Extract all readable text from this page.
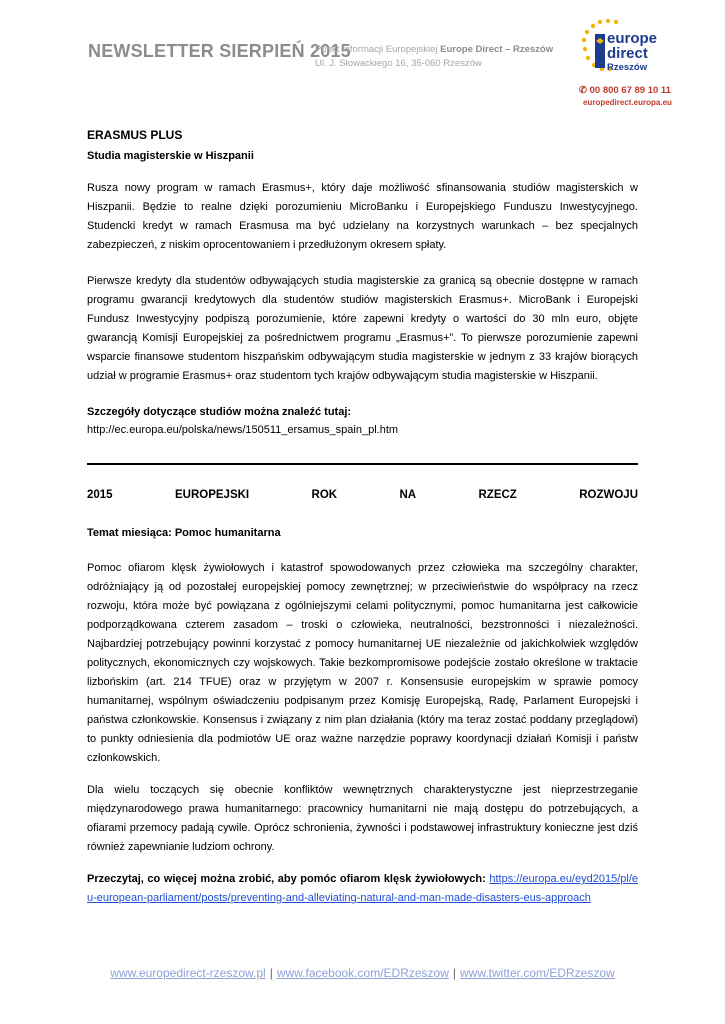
NEWSLETTER SIERPIEŃ 2015
Punkt Informacji Europejskiej Europe Direct – Rzeszów
Ul. J. Słowackiego 16, 35-060 Rzeszów
europe
direct
Rzeszów
✆ 00 800 67 89 10 11
europedirect.europa.eu

ERASMUS PLUS

Studia magisterskie w Hiszpanii

Rusza nowy program w ramach Erasmus+, który daje możliwość sfinansowania studiów magisterskich w Hiszpanii. Będzie to realne dzięki porozumieniu MicroBanku i Europejskiego Funduszu Inwestycyjnego. Studencki kredyt w ramach Erasmusa ma być udzielany na korzystnych warunkach – bez specjalnych zabezpieczeń, z niskim oprocentowaniem i przedłużonym okresem spłaty.

Pierwsze kredyty dla studentów odbywających studia magisterskie za granicą są obecnie dostępne w ramach programu gwarancji kredytowych dla studentów studiów magisterskich Erasmus+. MicroBank i Europejski Fundusz Inwestycyjny podpiszą porozumienie, które zapewni kredyty o wartości do 30 mln euro, objęte gwarancją Komisji Europejskiej za pośrednictwem programu „Erasmus+”. To pierwsze porozumienie zapewni wsparcie finansowe studentom hiszpańskim odbywającym studia magisterskie w jednym z 33 krajów biorących udział w programie Erasmus+ oraz studentom tych krajów odbywającym studia magisterskie w Hiszpanii.

Szczegóły dotyczące studiów można znaleźć tutaj:

http://ec.europa.eu/polska/news/150511_ersamus_spain_pl.htm

2015	EUROPEJSKI	ROK	NA	RZECZ	ROZWOJU

Temat miesiąca: Pomoc humanitarna

Pomoc ofiarom klęsk żywiołowych i katastrof spowodowanych przez człowieka ma szczególny charakter, odróżniający ją od pozostałej europejskiej pomocy zewnętrznej; w przeciwieństwie do współpracy na rzecz rozwoju, która może być powiązana z ogólniejszymi celami politycznymi, pomoc humanitarna jest całkowicie podporządkowana czterem zasadom – troski o człowieka, neutralności, bezstronności i niezależności. Najbardziej potrzebujący powinni korzystać z pomocy humanitarnej UE niezależnie od jakichkolwiek względów politycznych, ekonomicznych czy wojskowych. Takie bezkompromisowe podejście zostało określone w traktacie lizbońskim (art. 214 TFUE) oraz w przyjętym w 2007 r. Konsensusie europejskim w sprawie pomocy humanitarnej, wspólnym oświadczeniu podpisanym przez Komisję Europejską, Radę, Parlament Europejski i państwa członkowskie. Konsensus i związany z nim plan działania (który ma teraz zostać poddany przeglądowi) to punkty odniesienia dla podmiotów UE oraz ważne narzędzie poprawy koordynacji działań Komisji i państw członkowskich.

Dla wielu toczących się obecnie konfliktów wewnętrznych charakterystyczne jest nieprzestrzeganie międzynarodowego prawa humanitarnego: pracownicy humanitarni nie mają dostępu do potrzebujących, a ofiarami przemocy padają cywile. Oprócz schronienia, żywności i podstawowej infrastruktury konieczne jest dziś również zapewnianie ludziom ochrony.

Przeczytaj, co więcej można zrobić, aby pomóc ofiarom klęsk żywiołowych: https://europa.eu/eyd2015/pl/eu-european-parliament/posts/preventing-and-alleviating-natural-and-man-made-disasters-eus-approach

www.europedirect-rzeszow.pl | www.facebook.com/EDRzeszow | www.twitter.com/EDRzeszow
